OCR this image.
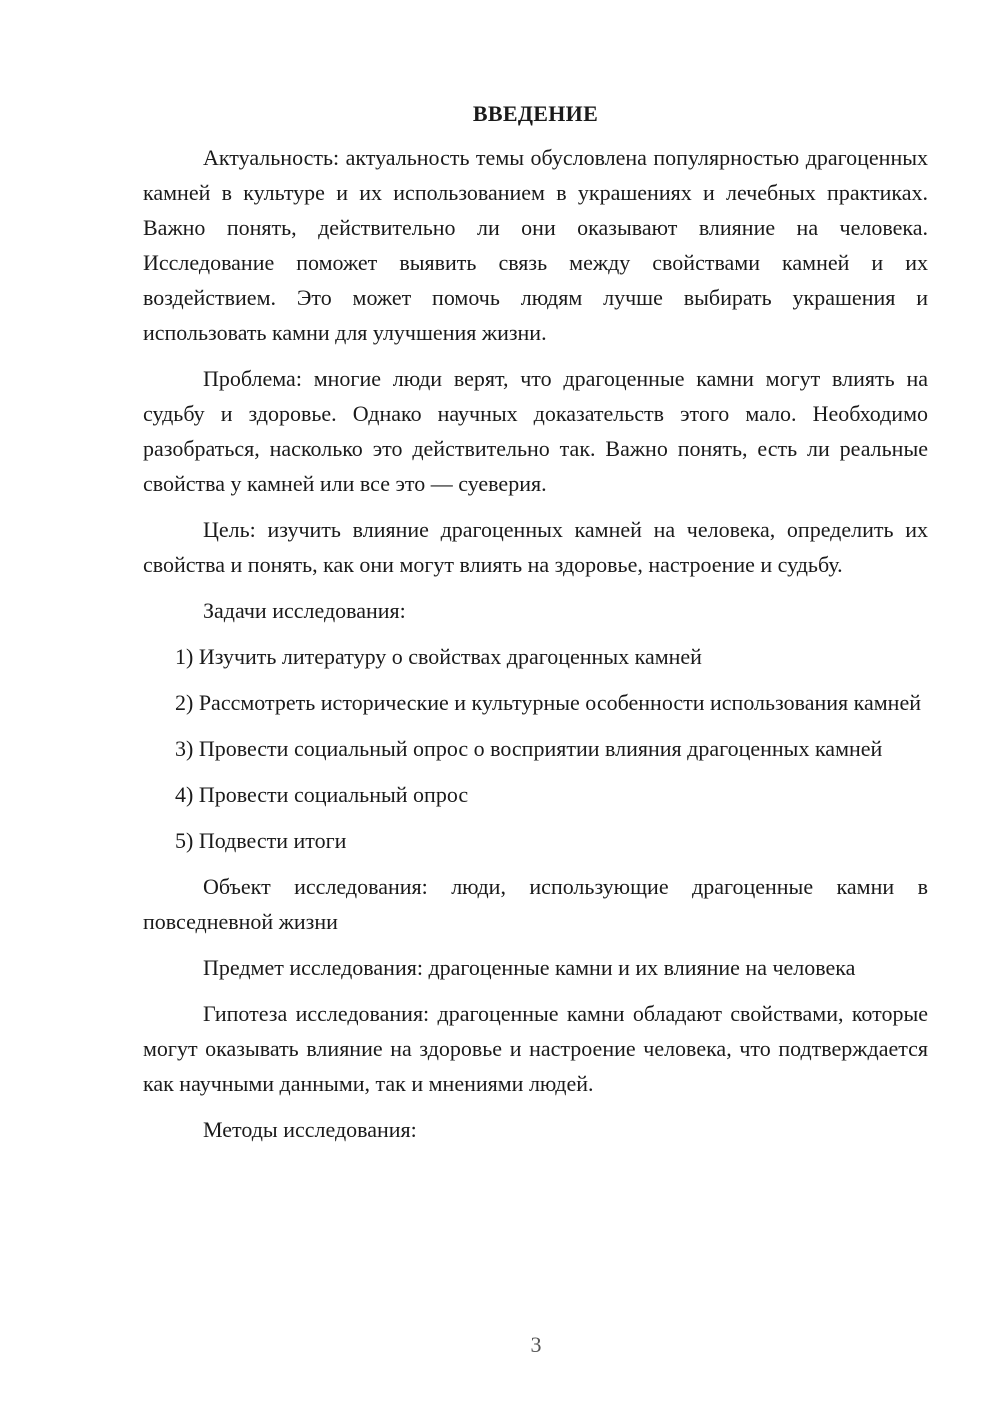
ВВЕДЕНИЕ

Актуальность: актуальность темы обусловлена популярностью драгоценных камней в культуре и их использованием в украшениях и лечебных практиках. Важно понять, действительно ли они оказывают влияние на человека. Исследование поможет выявить связь между свойствами камней и их воздействием. Это может помочь людям лучше выбирать украшения и использовать камни для улучшения жизни.

Проблема: многие люди верят, что драгоценные камни могут влиять на судьбу и здоровье. Однако научных доказательств этого мало. Необходимо разобраться, насколько это действительно так. Важно понять, есть ли реальные свойства у камней или все это — суеверия.

Цель: изучить влияние драгоценных камней на человека, определить их свойства и понять, как они могут влиять на здоровье, настроение и судьбу.

Задачи исследования:

1) Изучить литературу о свойствах драгоценных камней

2) Рассмотреть исторические и культурные особенности использования камней

3) Провести социальный опрос о восприятии влияния драгоценных камней

4) Провести социальный опрос

5) Подвести итоги

Объект исследования: люди, использующие драгоценные камни в повседневной жизни

Предмет исследования: драгоценные камни и их влияние на человека

Гипотеза исследования: драгоценные камни обладают свойствами, которые могут оказывать влияние на здоровье и настроение человека, что подтверждается как научными данными, так и мнениями людей.

Методы исследования:

3
